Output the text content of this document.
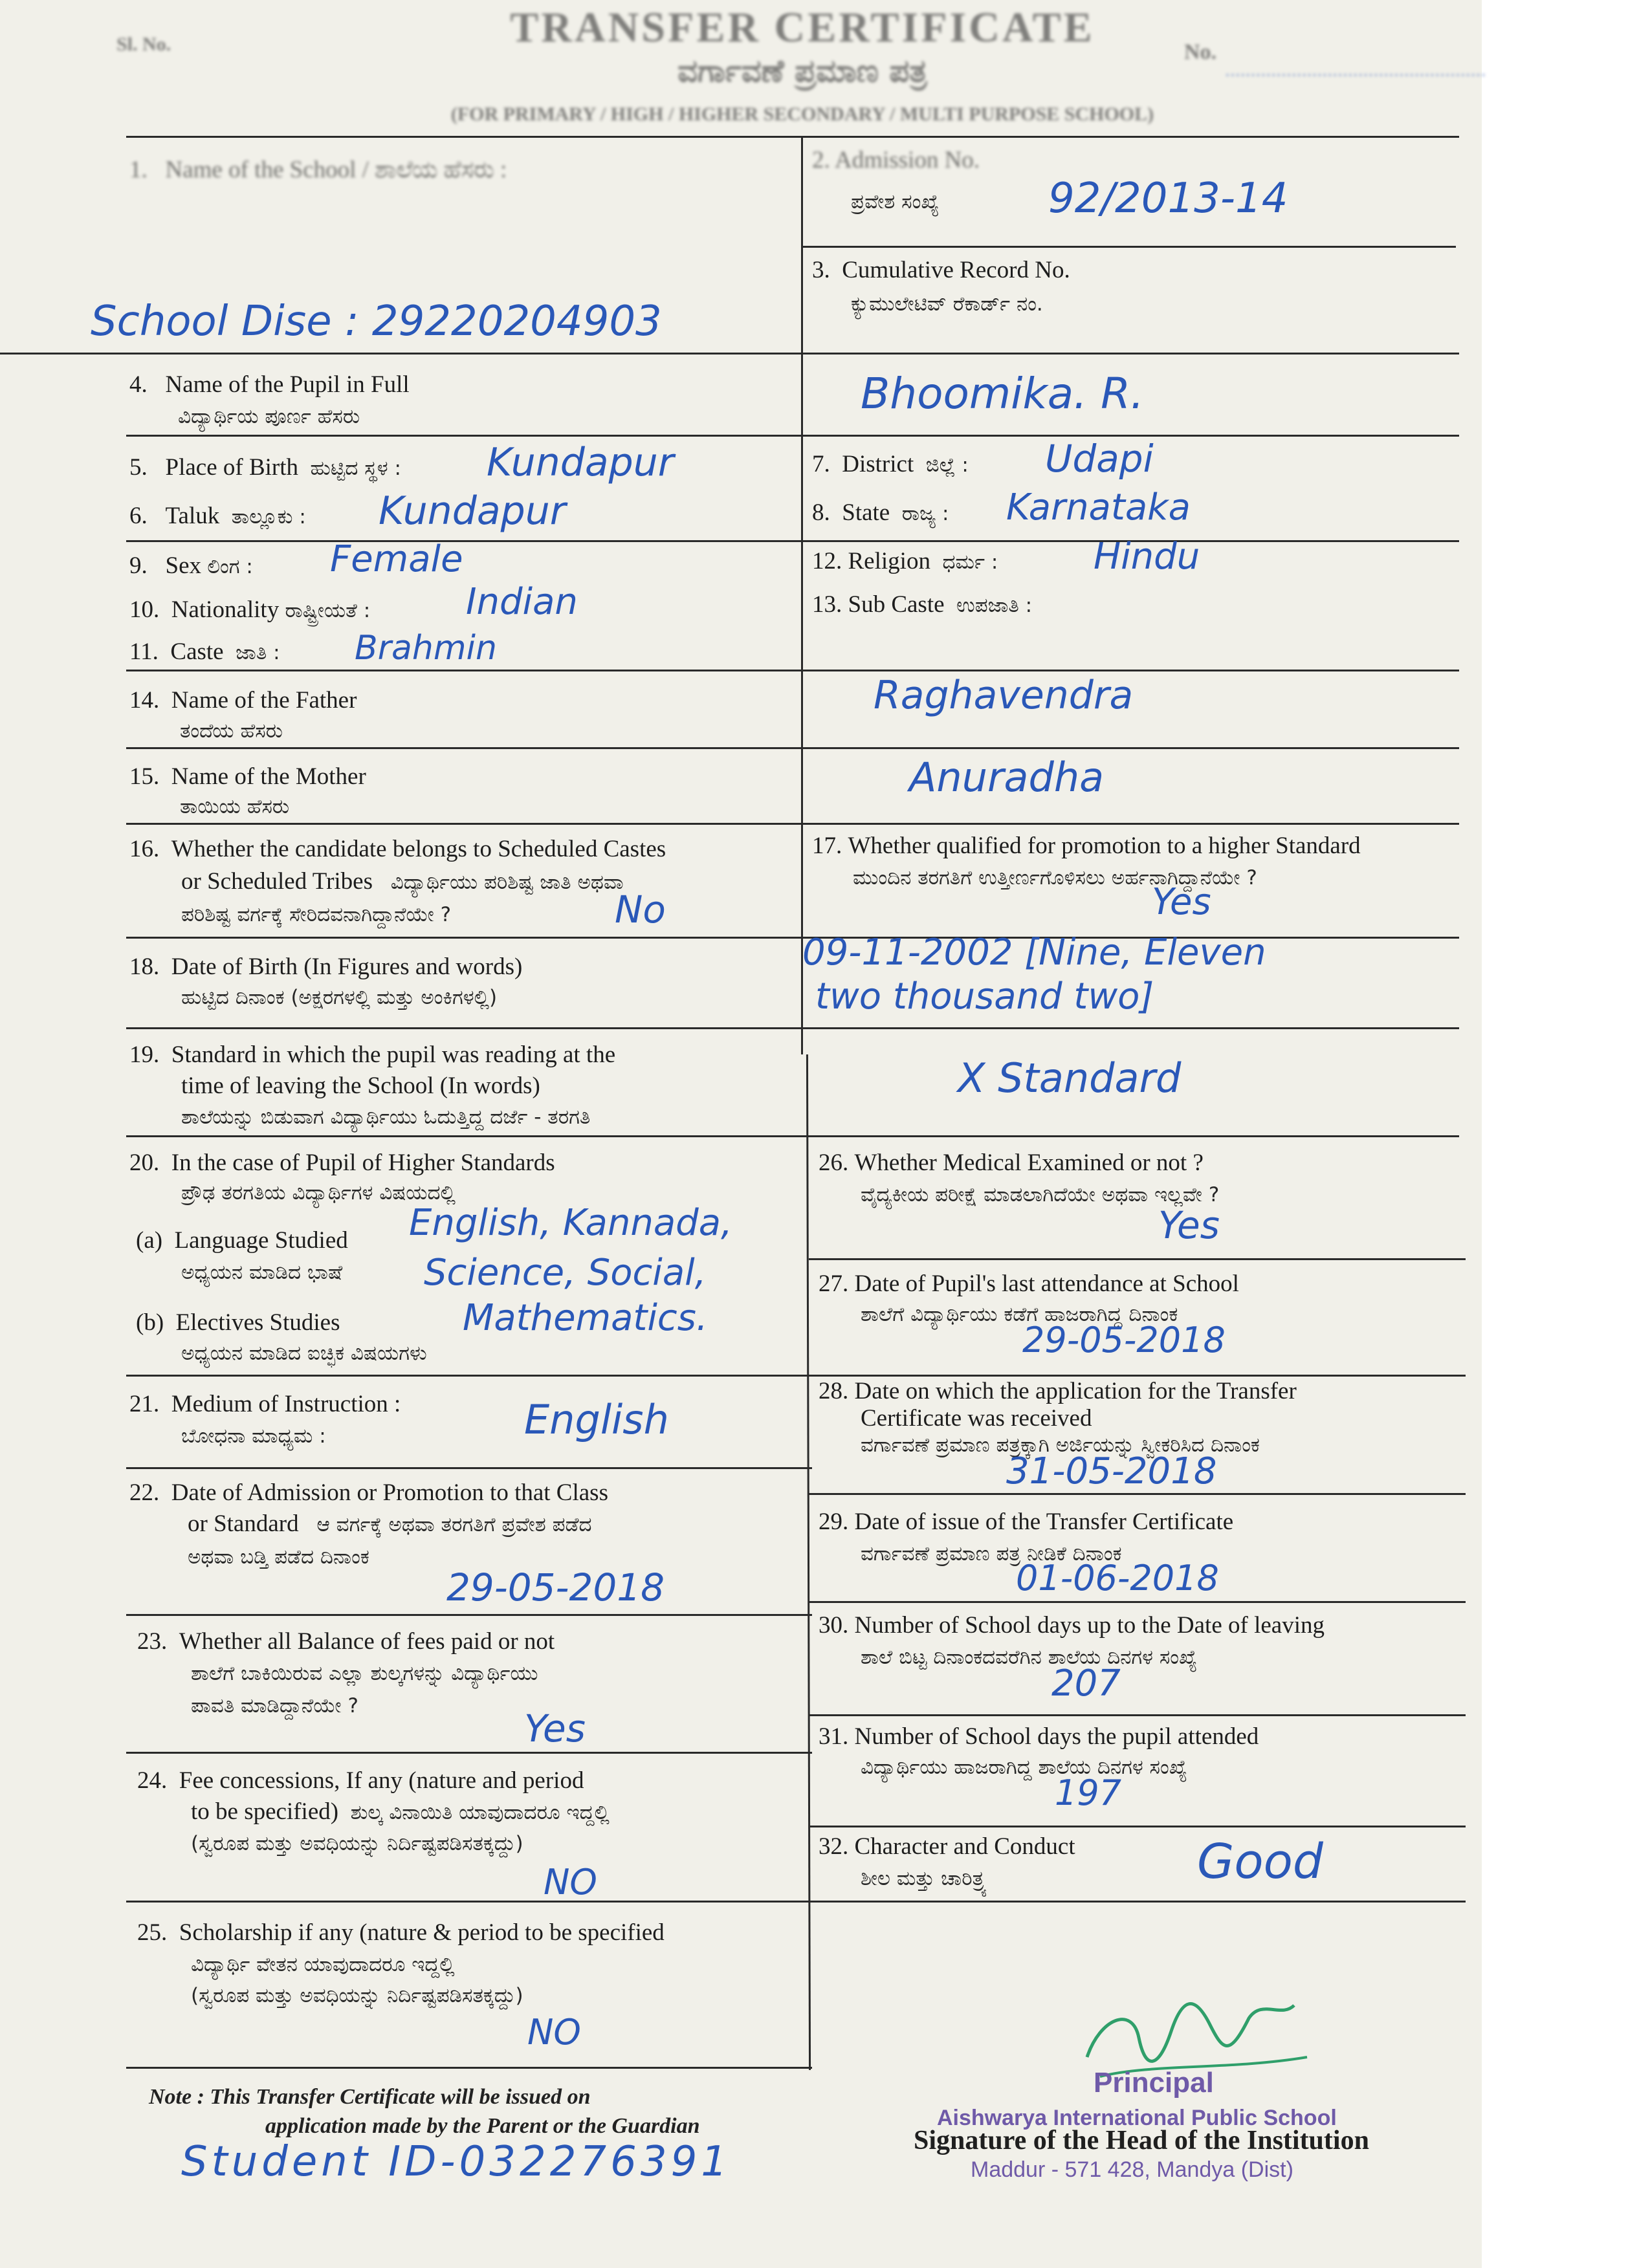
Sl. No.	TRANSFER CERTIFICATE
ವರ್ಗಾವಣೆ ಪ್ರಮಾಣ ಪತ್ರ
(FOR PRIMARY / HIGH / HIGHER SECONDARY / MULTI PURPOSE SCHOOL)
No.
1. Name of the School / ಶಾಲೆಯ ಹೆಸರು :
School Dise : 29220204903
2. Admission No.
ಪ್ರವೇಶ ಸಂಖ್ಯೆ	92/2013-14
3. Cumulative Record No.
ಕ್ಯುಮುಲೇಟಿವ್ ರೆಕಾರ್ಡ್ ನಂ.
4. Name of the Pupil in Full
ವಿದ್ಯಾರ್ಥಿಯ ಪೂರ್ಣ ಹೆಸರು	Bhoomika. R.
5. Place of Birth ಹುಟ್ಟಿದ ಸ್ಥಳ : Kundapur
6. Taluk ತಾಲ್ಲೂಕು : Kundapur
7. District ಜಿಲ್ಲೆ : Udapi
8. State ರಾಜ್ಯ : Karnataka
9. Sex ಲಿಂಗ : Female
10. Nationality ರಾಷ್ಟ್ರೀಯತೆ :	Indian
11. Caste ಜಾತಿ : Brahmin
12. Religion ಧರ್ಮ :	Hindu
13. Sub Caste ಉಪಜಾತಿ :
14. Name of the Father
ತಂದೆಯ ಹೆಸರು
Raghavendra
15. Name of the Mother
ತಾಯಿಯ ಹೆಸರು
Anuradha
16. Whether the candidate belongs to Scheduled Castes
or Scheduled Tribes ವಿದ್ಯಾರ್ಥಿಯು ಪರಿಶಿಷ್ಟ ಜಾತಿ ಅಥವಾ
ಪರಿಶಿಷ್ಟ ವರ್ಗಕ್ಕೆ ಸೇರಿದವನಾಗಿದ್ದಾನೆಯೇ ?	No
17. Whether qualified for promotion to a higher Standard
ಮುಂದಿನ ತರಗತಿಗೆ ಉತ್ತೀರ್ಣಗೊಳಿಸಲು ಅರ್ಹನಾಗಿದ್ದಾನೆಯೇ ?
Yes
18. Date of Birth (In Figures and words)
ಹುಟ್ಟಿದ ದಿನಾಂಕ (ಅಕ್ಷರಗಳಲ್ಲಿ ಮತ್ತು ಅಂಕಿಗಳಲ್ಲಿ)
09-11-2002 [Nine, Eleven
two thousand two]
19. Standard in which the pupil was reading at the
time of leaving the School (In words)
ಶಾಲೆಯನ್ನು ಬಿಡುವಾಗ ವಿದ್ಯಾರ್ಥಿಯು ಓದುತ್ತಿದ್ದ ದರ್ಜೆ - ತರಗತಿ
X Standard
20. In the case of Pupil of Higher Standards
ಪ್ರೌಢ ತರಗತಿಯ ವಿದ್ಯಾರ್ಥಿಗಳ ವಿಷಯದಲ್ಲಿ
(a) Language Studied
ಅಧ್ಯಯನ ಮಾಡಿದ ಭಾಷೆ
English, Kannada,
(b) Electives Studies
ಅಧ್ಯಯನ ಮಾಡಿದ ಐಚ್ಛಿಕ ವಿಷಯಗಳು
Science, Social,
Mathematics.
21. Medium of Instruction :
ಬೋಧನಾ ಮಾಧ್ಯಮ :	English
22. Date of Admission or Promotion to that Class
or Standard ಆ ವರ್ಗಕ್ಕೆ ಅಥವಾ ತರಗತಿಗೆ ಪ್ರವೇಶ ಪಡೆದ
ಅಥವಾ ಬಡ್ತಿ ಪಡೆದ ದಿನಾಂಕ
29-05-2018
23. Whether all Balance of fees paid or not
ಶಾಲೆಗೆ ಬಾಕಿಯಿರುವ ಎಲ್ಲಾ ಶುಲ್ಕಗಳನ್ನು ವಿದ್ಯಾರ್ಥಿಯು
ಪಾವತಿ ಮಾಡಿದ್ದಾನೆಯೇ ?
Yes
24. Fee concessions, If any (nature and period
to be specified) ಶುಲ್ಕ ವಿನಾಯಿತಿ ಯಾವುದಾದರೂ ಇದ್ದಲ್ಲಿ
(ಸ್ವರೂಪ ಮತ್ತು ಅವಧಿಯನ್ನು ನಿರ್ದಿಷ್ಟಪಡಿಸತಕ್ಕದ್ದು)
NO
25. Scholarship if any (nature & period to be specified
ವಿದ್ಯಾರ್ಥಿ ವೇತನ ಯಾವುದಾದರೂ ಇದ್ದಲ್ಲಿ
(ಸ್ವರೂಪ ಮತ್ತು ಅವಧಿಯನ್ನು ನಿರ್ದಿಷ್ಟಪಡಿಸತಕ್ಕದ್ದು)
NO
26. Whether Medical Examined or not ?
ವೈದ್ಯಕೀಯ ಪರೀಕ್ಷೆ ಮಾಡಲಾಗಿದೆಯೇ ಅಥವಾ ಇಲ್ಲವೇ ?
Yes
27. Date of Pupil's last attendance at School
ಶಾಲೆಗೆ ವಿದ್ಯಾರ್ಥಿಯು ಕಡೆಗೆ ಹಾಜರಾಗಿದ್ದ ದಿನಾಂಕ
29-05-2018
28. Date on which the application for the Transfer
Certificate was received
ವರ್ಗಾವಣೆ ಪ್ರಮಾಣ ಪತ್ರಕ್ಕಾಗಿ ಅರ್ಜಿಯನ್ನು ಸ್ವೀಕರಿಸಿದ ದಿನಾಂಕ
31-05-2018
29. Date of issue of the Transfer Certificate
ವರ್ಗಾವಣೆ ಪ್ರಮಾಣ ಪತ್ರ ನೀಡಿಕೆ ದಿನಾಂಕ
01-06-2018
30. Number of School days up to the Date of leaving
ಶಾಲೆ ಬಿಟ್ಟ ದಿನಾಂಕದವರೆಗಿನ ಶಾಲೆಯ ದಿನಗಳ ಸಂಖ್ಯೆ
207
31. Number of School days the pupil attended
ವಿದ್ಯಾರ್ಥಿಯು ಹಾಜರಾಗಿದ್ದ ಶಾಲೆಯ ದಿನಗಳ ಸಂಖ್ಯೆ
197
32. Character and Conduct
ಶೀಲ ಮತ್ತು ಚಾರಿತ್ರ್ಯ	Good
Note : This Transfer Certificate will be issued on
application made by the Parent or the Guardian
Student ID-032276391
Principal
Aishwarya International Public School
Signature of the Head of the Institution
Maddur - 571 428, Mandya (Dist)
